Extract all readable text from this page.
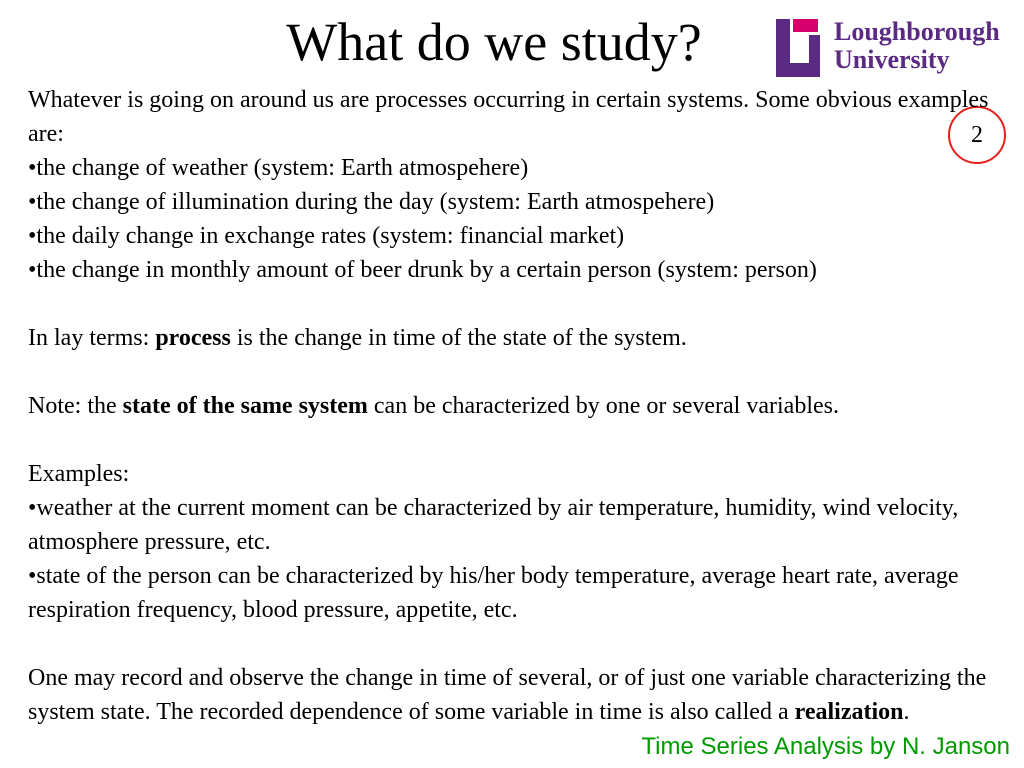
What do we study?	Loughborough
University
2

Whatever is going on around us are processes occurring in certain systems. Some obvious examples are:

•the change of weather (system: Earth atmospehere)

•the change of illumination during the day (system: Earth atmospehere)

•the daily change in exchange rates (system: financial market)

•the change in monthly amount of beer drunk by a certain person (system: person)

In lay terms: process is the change in time of the state of the system.

Note: the state of the same system can be characterized by one or several variables.

Examples:

•weather at the current moment can be characterized by air temperature, humidity, wind velocity, atmosphere pressure, etc.

•state of the person can be characterized by his/her body temperature, average heart rate, average respiration frequency, blood pressure, appetite, etc.

One may record and observe the change in time of several, or of just one variable characterizing the system state. The recorded dependence of some variable in time is also called a realization.

Time Series Analysis by N. Janson
